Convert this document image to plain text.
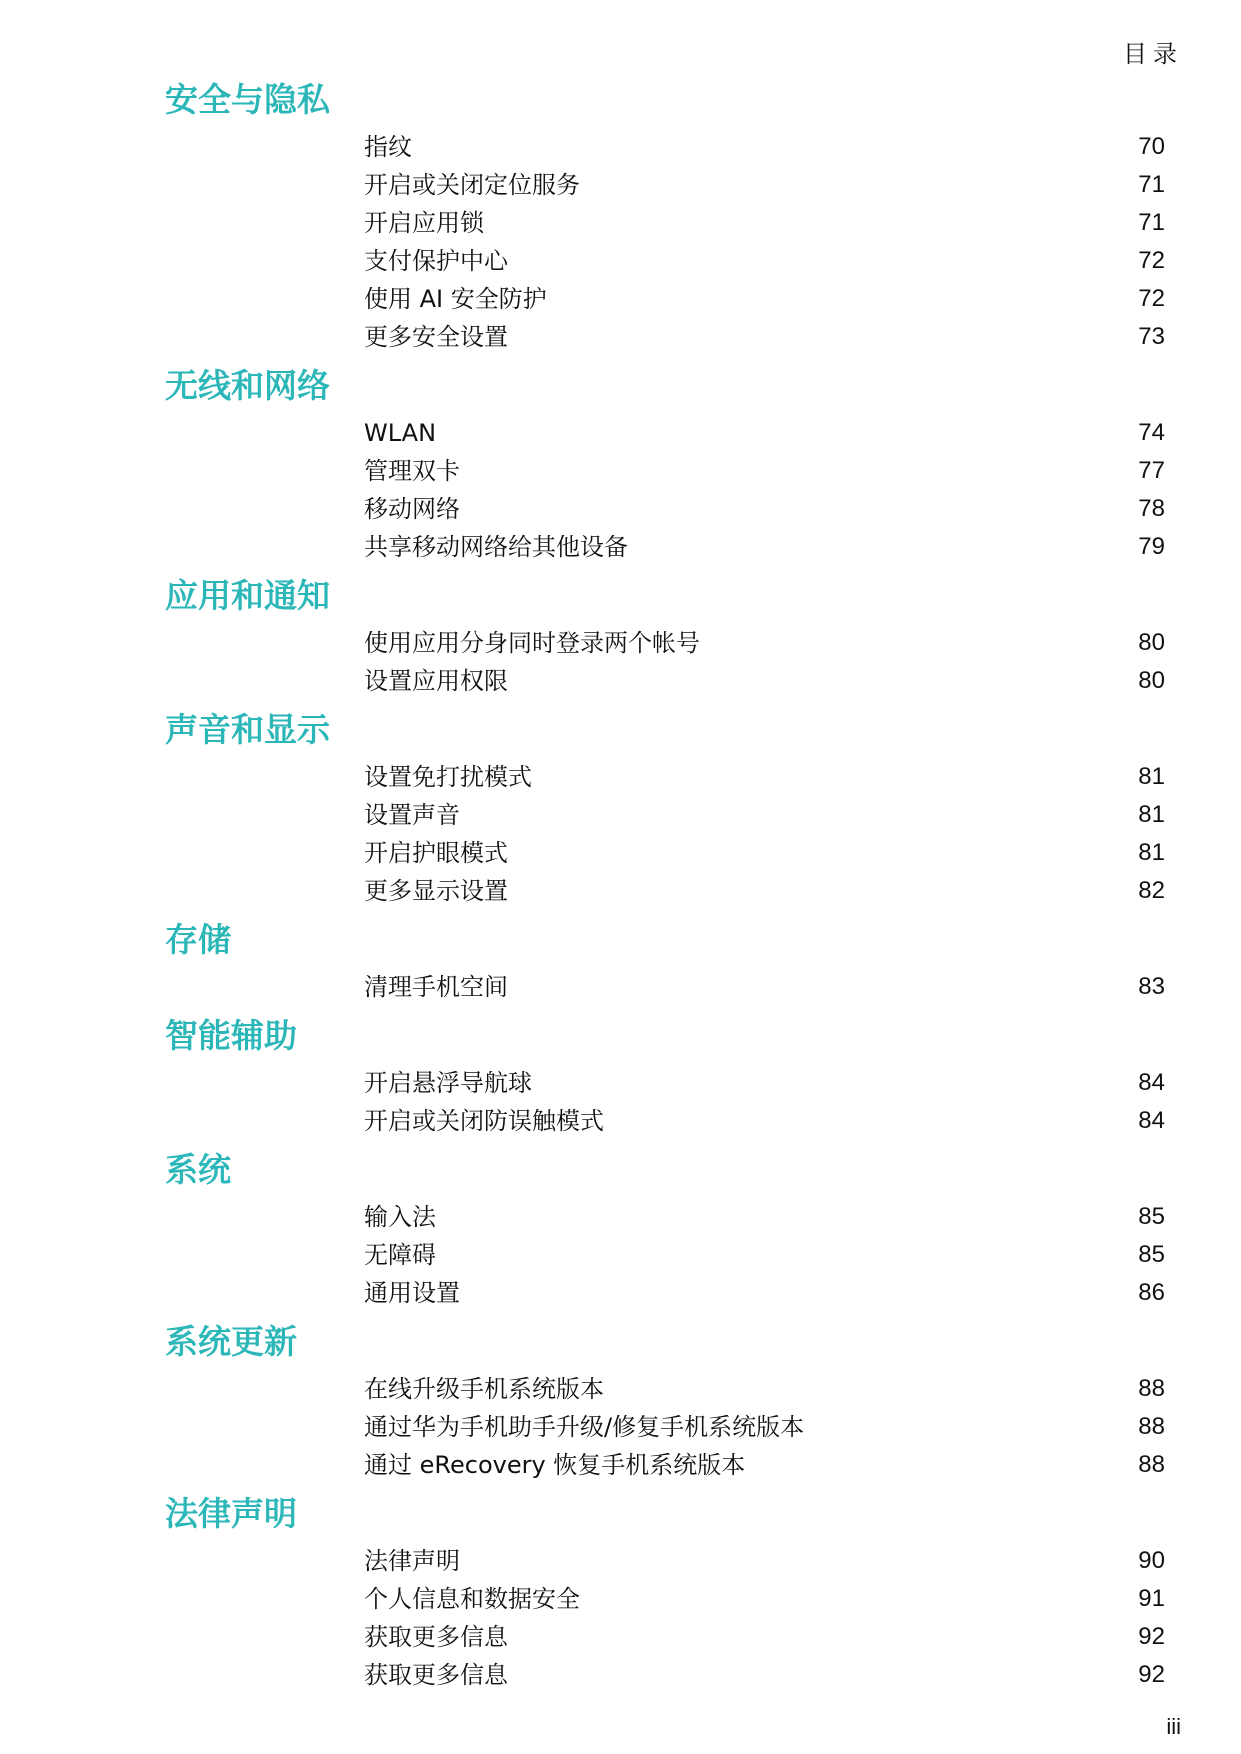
目录
安全与隐私
指纹	70
开启或关闭定位服务	71
开启应用锁	71
支付保护中心	72
使用 AI 安全防护	72
更多安全设置	73
无线和网络
WLAN	74
管理双卡	77
移动网络	78
共享移动网络给其他设备	79
应用和通知
使用应用分身同时登录两个帐号	80
设置应用权限	80
声音和显示
设置免打扰模式	81
设置声音	81
开启护眼模式	81
更多显示设置	82
存储
清理手机空间	83
智能辅助
开启悬浮导航球	84
开启或关闭防误触模式	84
系统
输入法	85
无障碍	85
通用设置	86
系统更新
在线升级手机系统版本	88
通过华为手机助手升级/修复手机系统版本	88
通过 eRecovery 恢复手机系统版本	88
法律声明
法律声明	90
个人信息和数据安全	91
获取更多信息	92
获取更多信息	92
iii
